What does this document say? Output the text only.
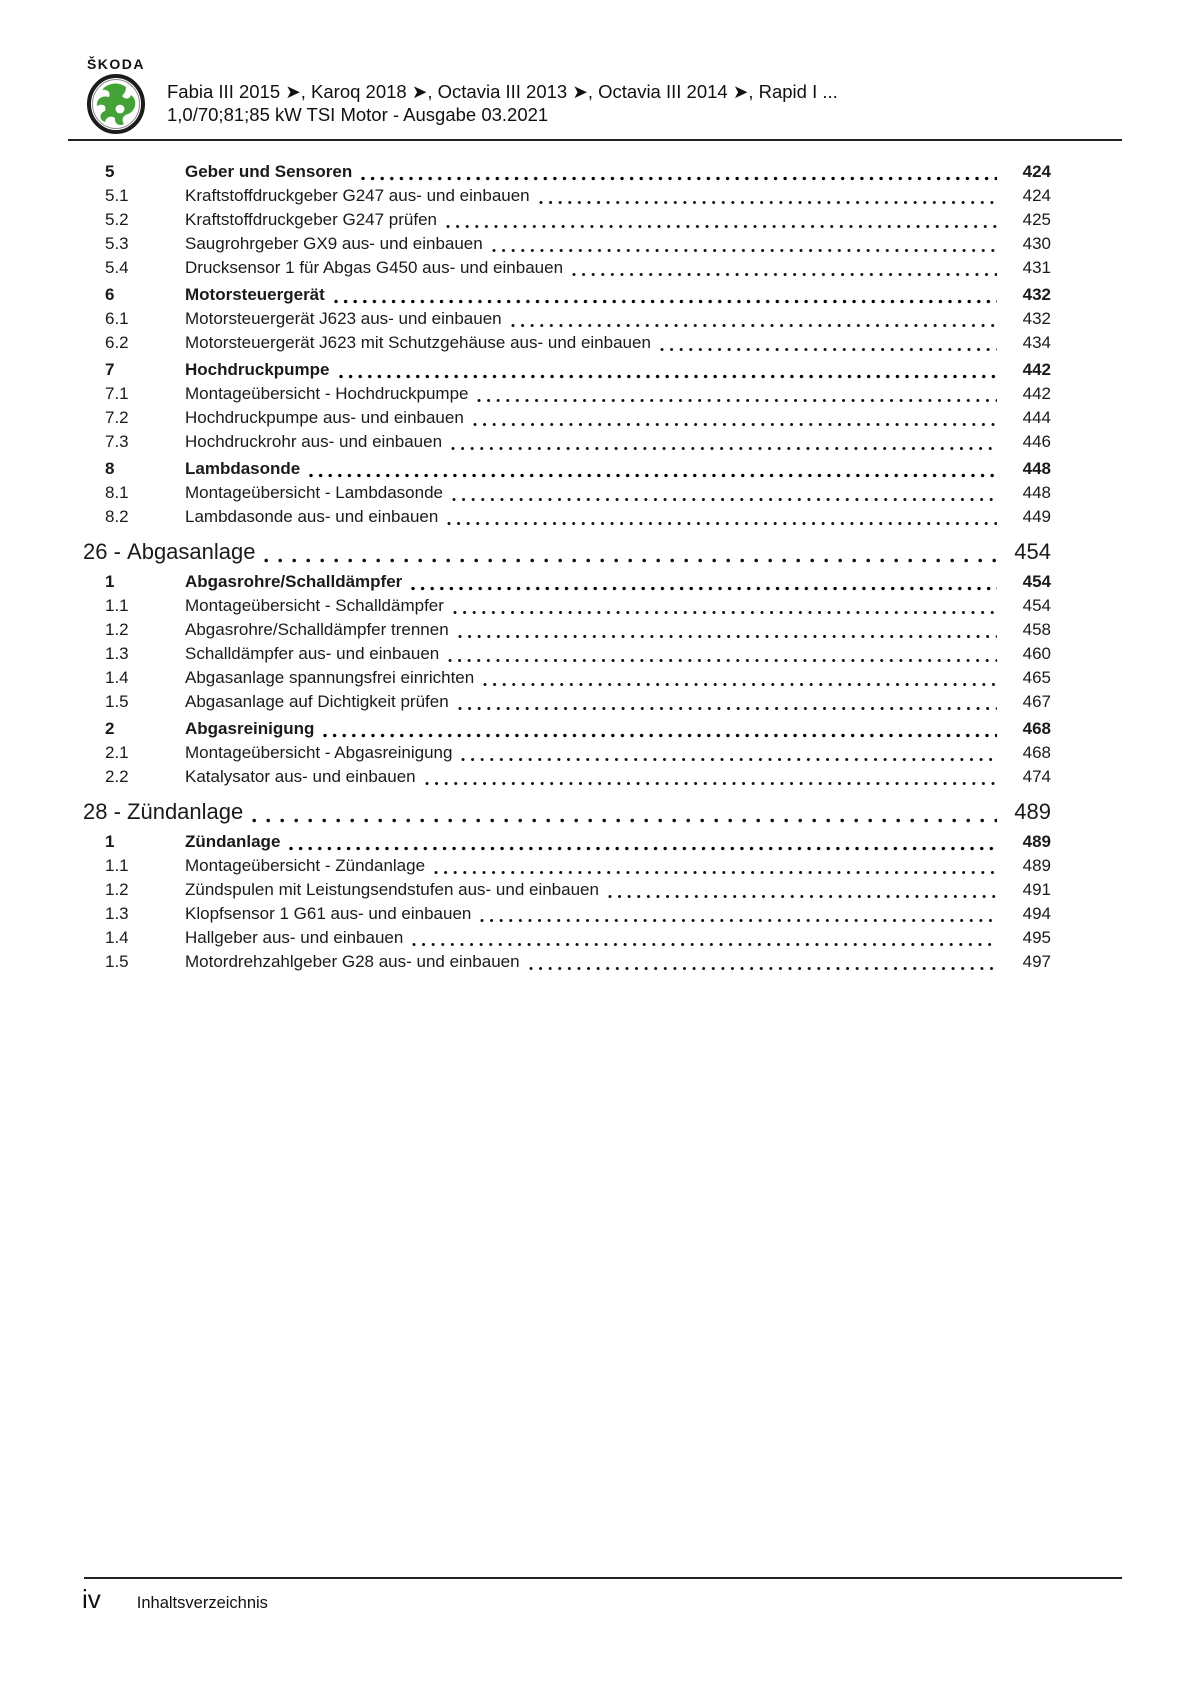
ŠKODA
Fabia III 2015 ➤, Karoq 2018 ➤, Octavia III 2013 ➤, Octavia III 2014 ➤, Rapid I ...
1,0/70;81;85 kW TSI Motor - Ausgabe 03.2021
5	Geber und Sensoren	424
5.1	Kraftstoffdruckgeber G247 aus- und einbauen	424
5.2	Kraftstoffdruckgeber G247 prüfen	425
5.3	Saugrohrgeber GX9 aus- und einbauen	430
5.4	Drucksensor 1 für Abgas G450 aus- und einbauen	431
6	Motorsteuergerät	432
6.1	Motorsteuergerät J623 aus- und einbauen	432
6.2	Motorsteuergerät J623 mit Schutzgehäuse aus- und einbauen	434
7	Hochdruckpumpe	442
7.1	Montageübersicht - Hochdruckpumpe	442
7.2	Hochdruckpumpe aus- und einbauen	444
7.3	Hochdruckrohr aus- und einbauen	446
8	Lambdasonde	448
8.1	Montageübersicht - Lambdasonde	448
8.2	Lambdasonde aus- und einbauen	449
26 - Abgasanlage	454
1	Abgasrohre/Schalldämpfer	454
1.1	Montageübersicht - Schalldämpfer	454
1.2	Abgasrohre/Schalldämpfer trennen	458
1.3	Schalldämpfer aus- und einbauen	460
1.4	Abgasanlage spannungsfrei einrichten	465
1.5	Abgasanlage auf Dichtigkeit prüfen	467
2	Abgasreinigung	468
2.1	Montageübersicht - Abgasreinigung	468
2.2	Katalysator aus- und einbauen	474
28 - Zündanlage	489
1	Zündanlage	489
1.1	Montageübersicht - Zündanlage	489
1.2	Zündspulen mit Leistungsendstufen aus- und einbauen	491
1.3	Klopfsensor 1 G61 aus- und einbauen	494
1.4	Hallgeber aus- und einbauen	495
1.5	Motordrehzahlgeber G28 aus- und einbauen	497
iv Inhaltsverzeichnis
